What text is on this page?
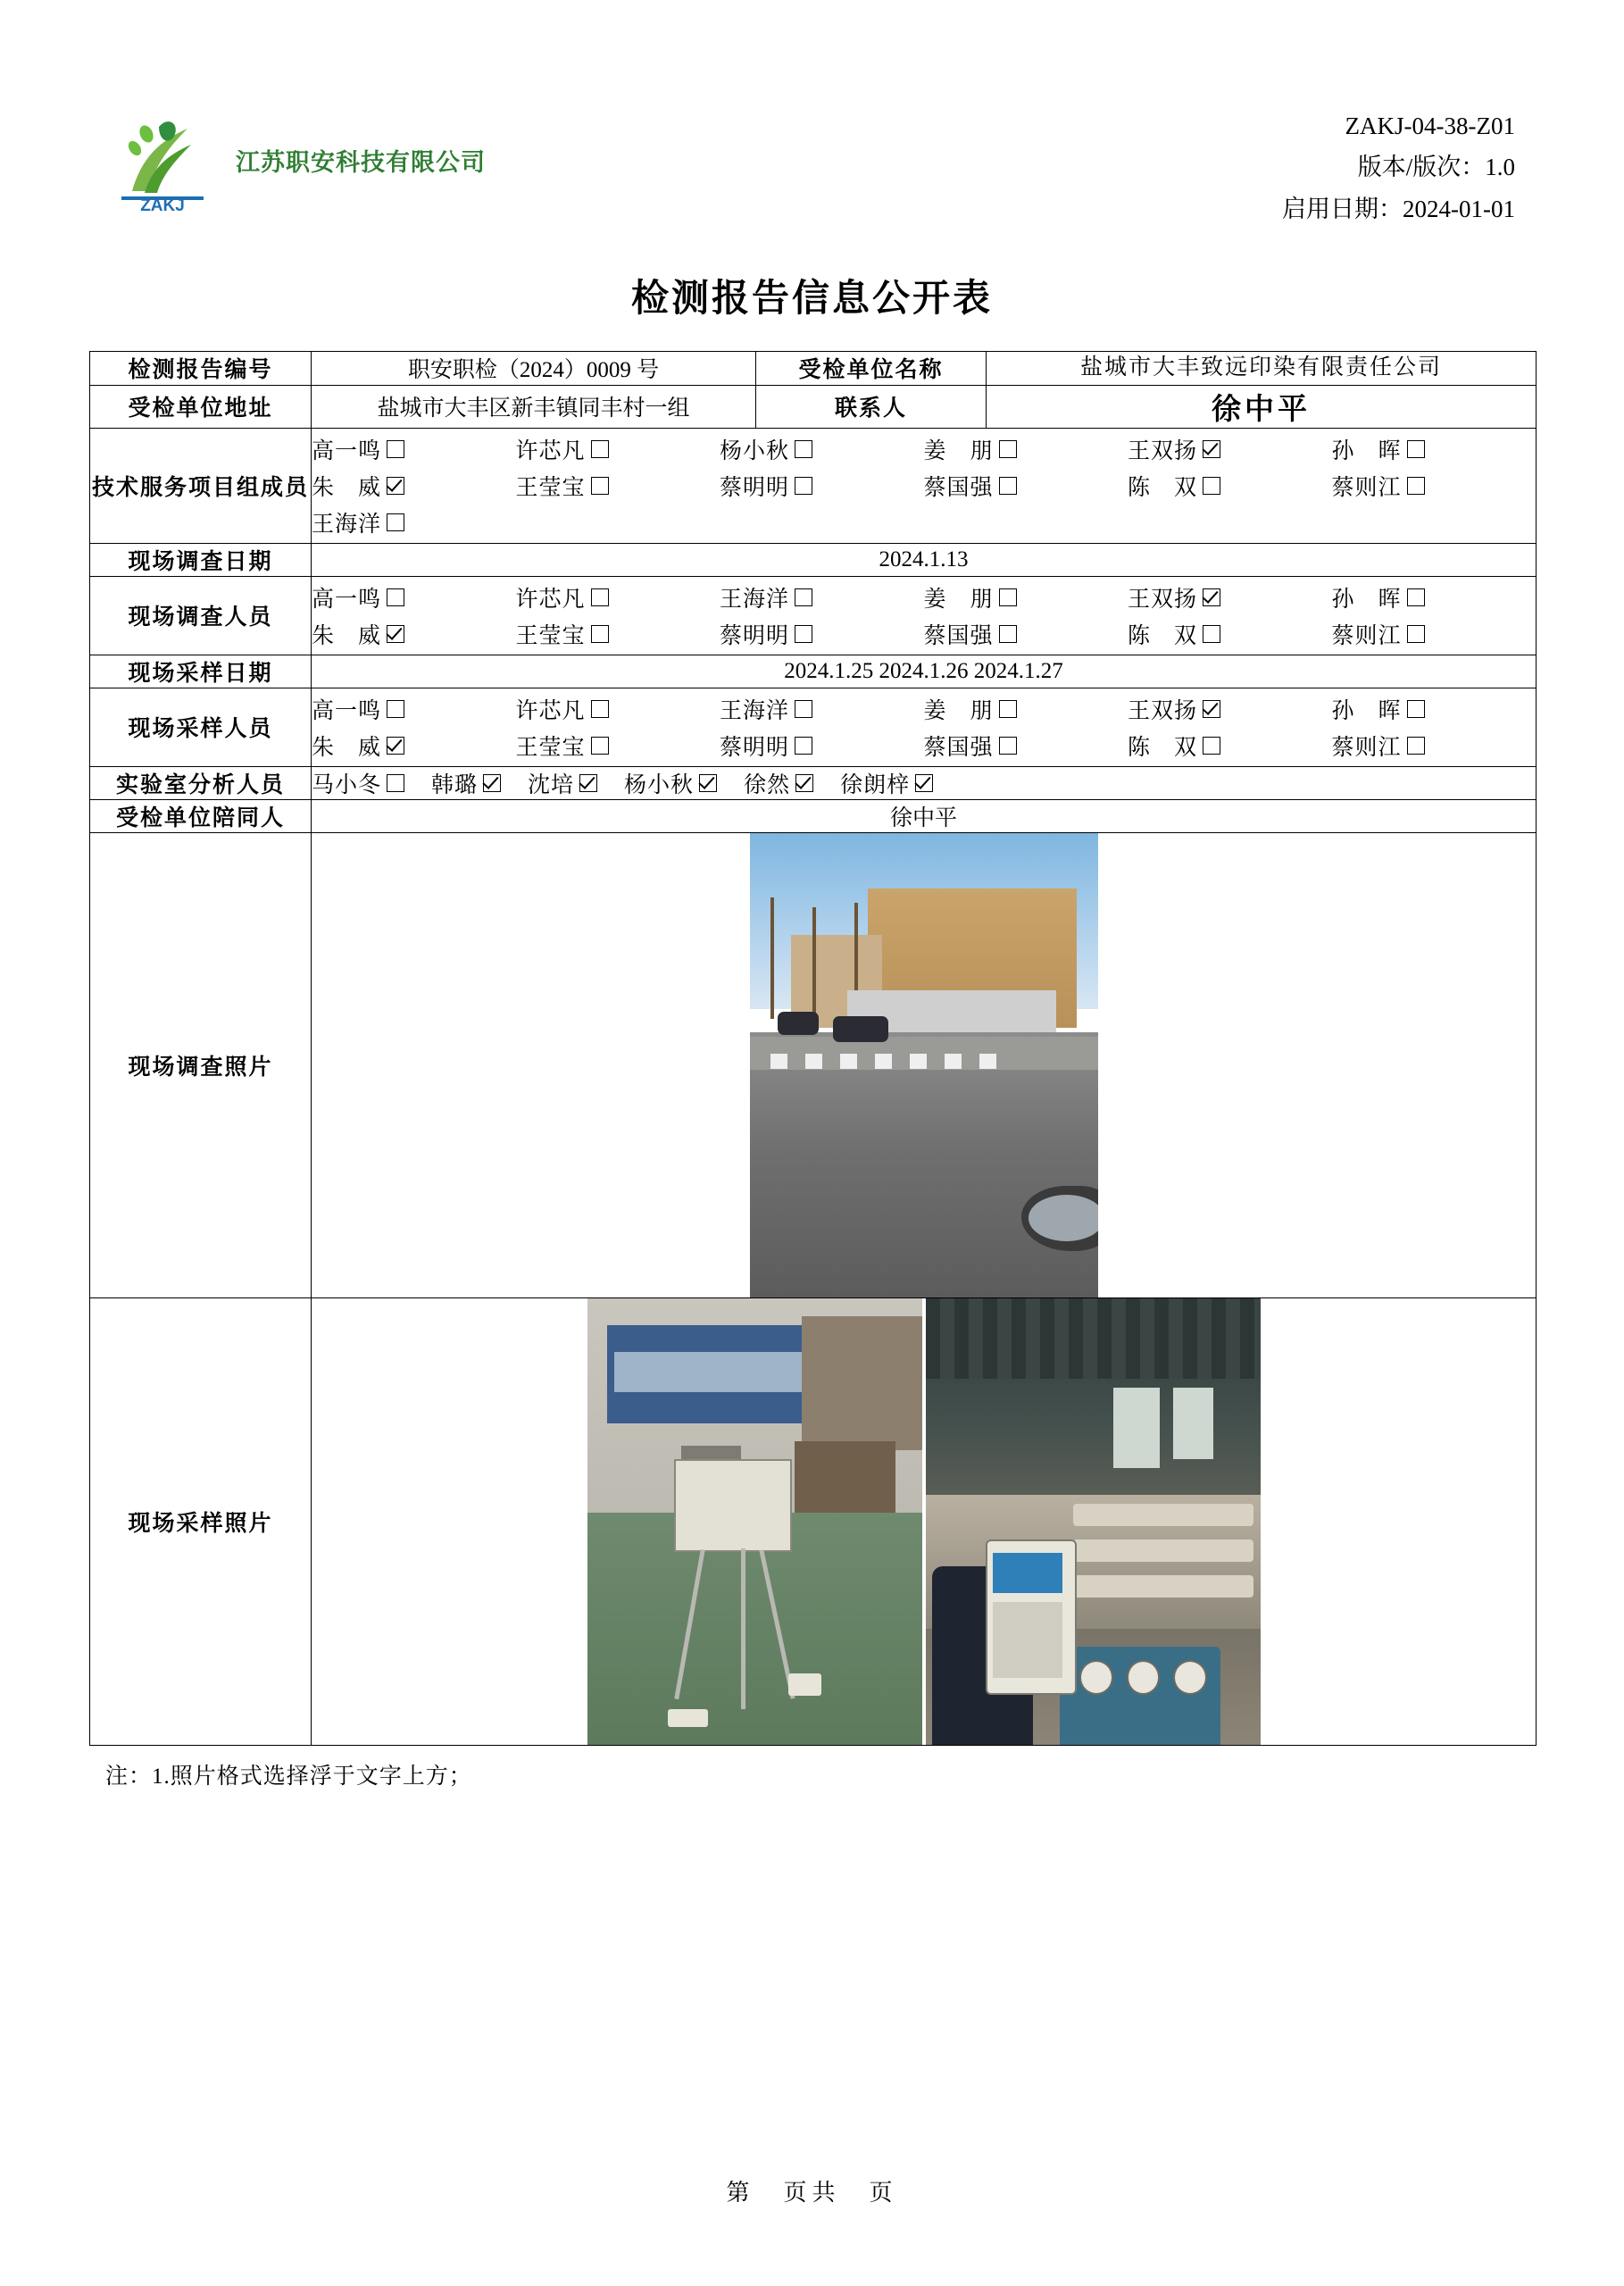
ZAKJ
江苏职安科技有限公司
ZAKJ-04-38-Z01
版本/版次：1.0
启用日期：2024-01-01
检测报告信息公开表
检测报告编号	职安职检（2024）0009 号	受检单位名称	盐城市大丰致远印染有限责任公司
受检单位地址	盐城市大丰区新丰镇同丰村一组	联系人	徐中平
技术服务项目组成员	
高一鸣	许芯凡	杨小秋	姜　朋	王双扬	孙　晖
朱　威	王莹宝	蔡明明	蔡国强	陈　双	蔡则江
王海洋

现场调查日期	2024.1.13		
现场调查人员	
高一鸣	许芯凡	王海洋	姜　朋	王双扬	孙　晖
朱　威	王莹宝	蔡明明	蔡国强	陈　双	蔡则江

现场采样日期	2024.1.25 2024.1.26 2024.1.27		
现场采样人员	
高一鸣	许芯凡	王海洋	姜　朋	王双扬	孙　晖
朱　威	王莹宝	蔡明明	蔡国强	陈　双	蔡则江

实验室分析人员	马小冬 韩璐 沈培 杨小秋 徐然 徐朗梓

受检单位陪同人	徐中平		
现场调查照片			

现场采样照片			
注：1.照片格式选择浮于文字上方；
第　页共　页
